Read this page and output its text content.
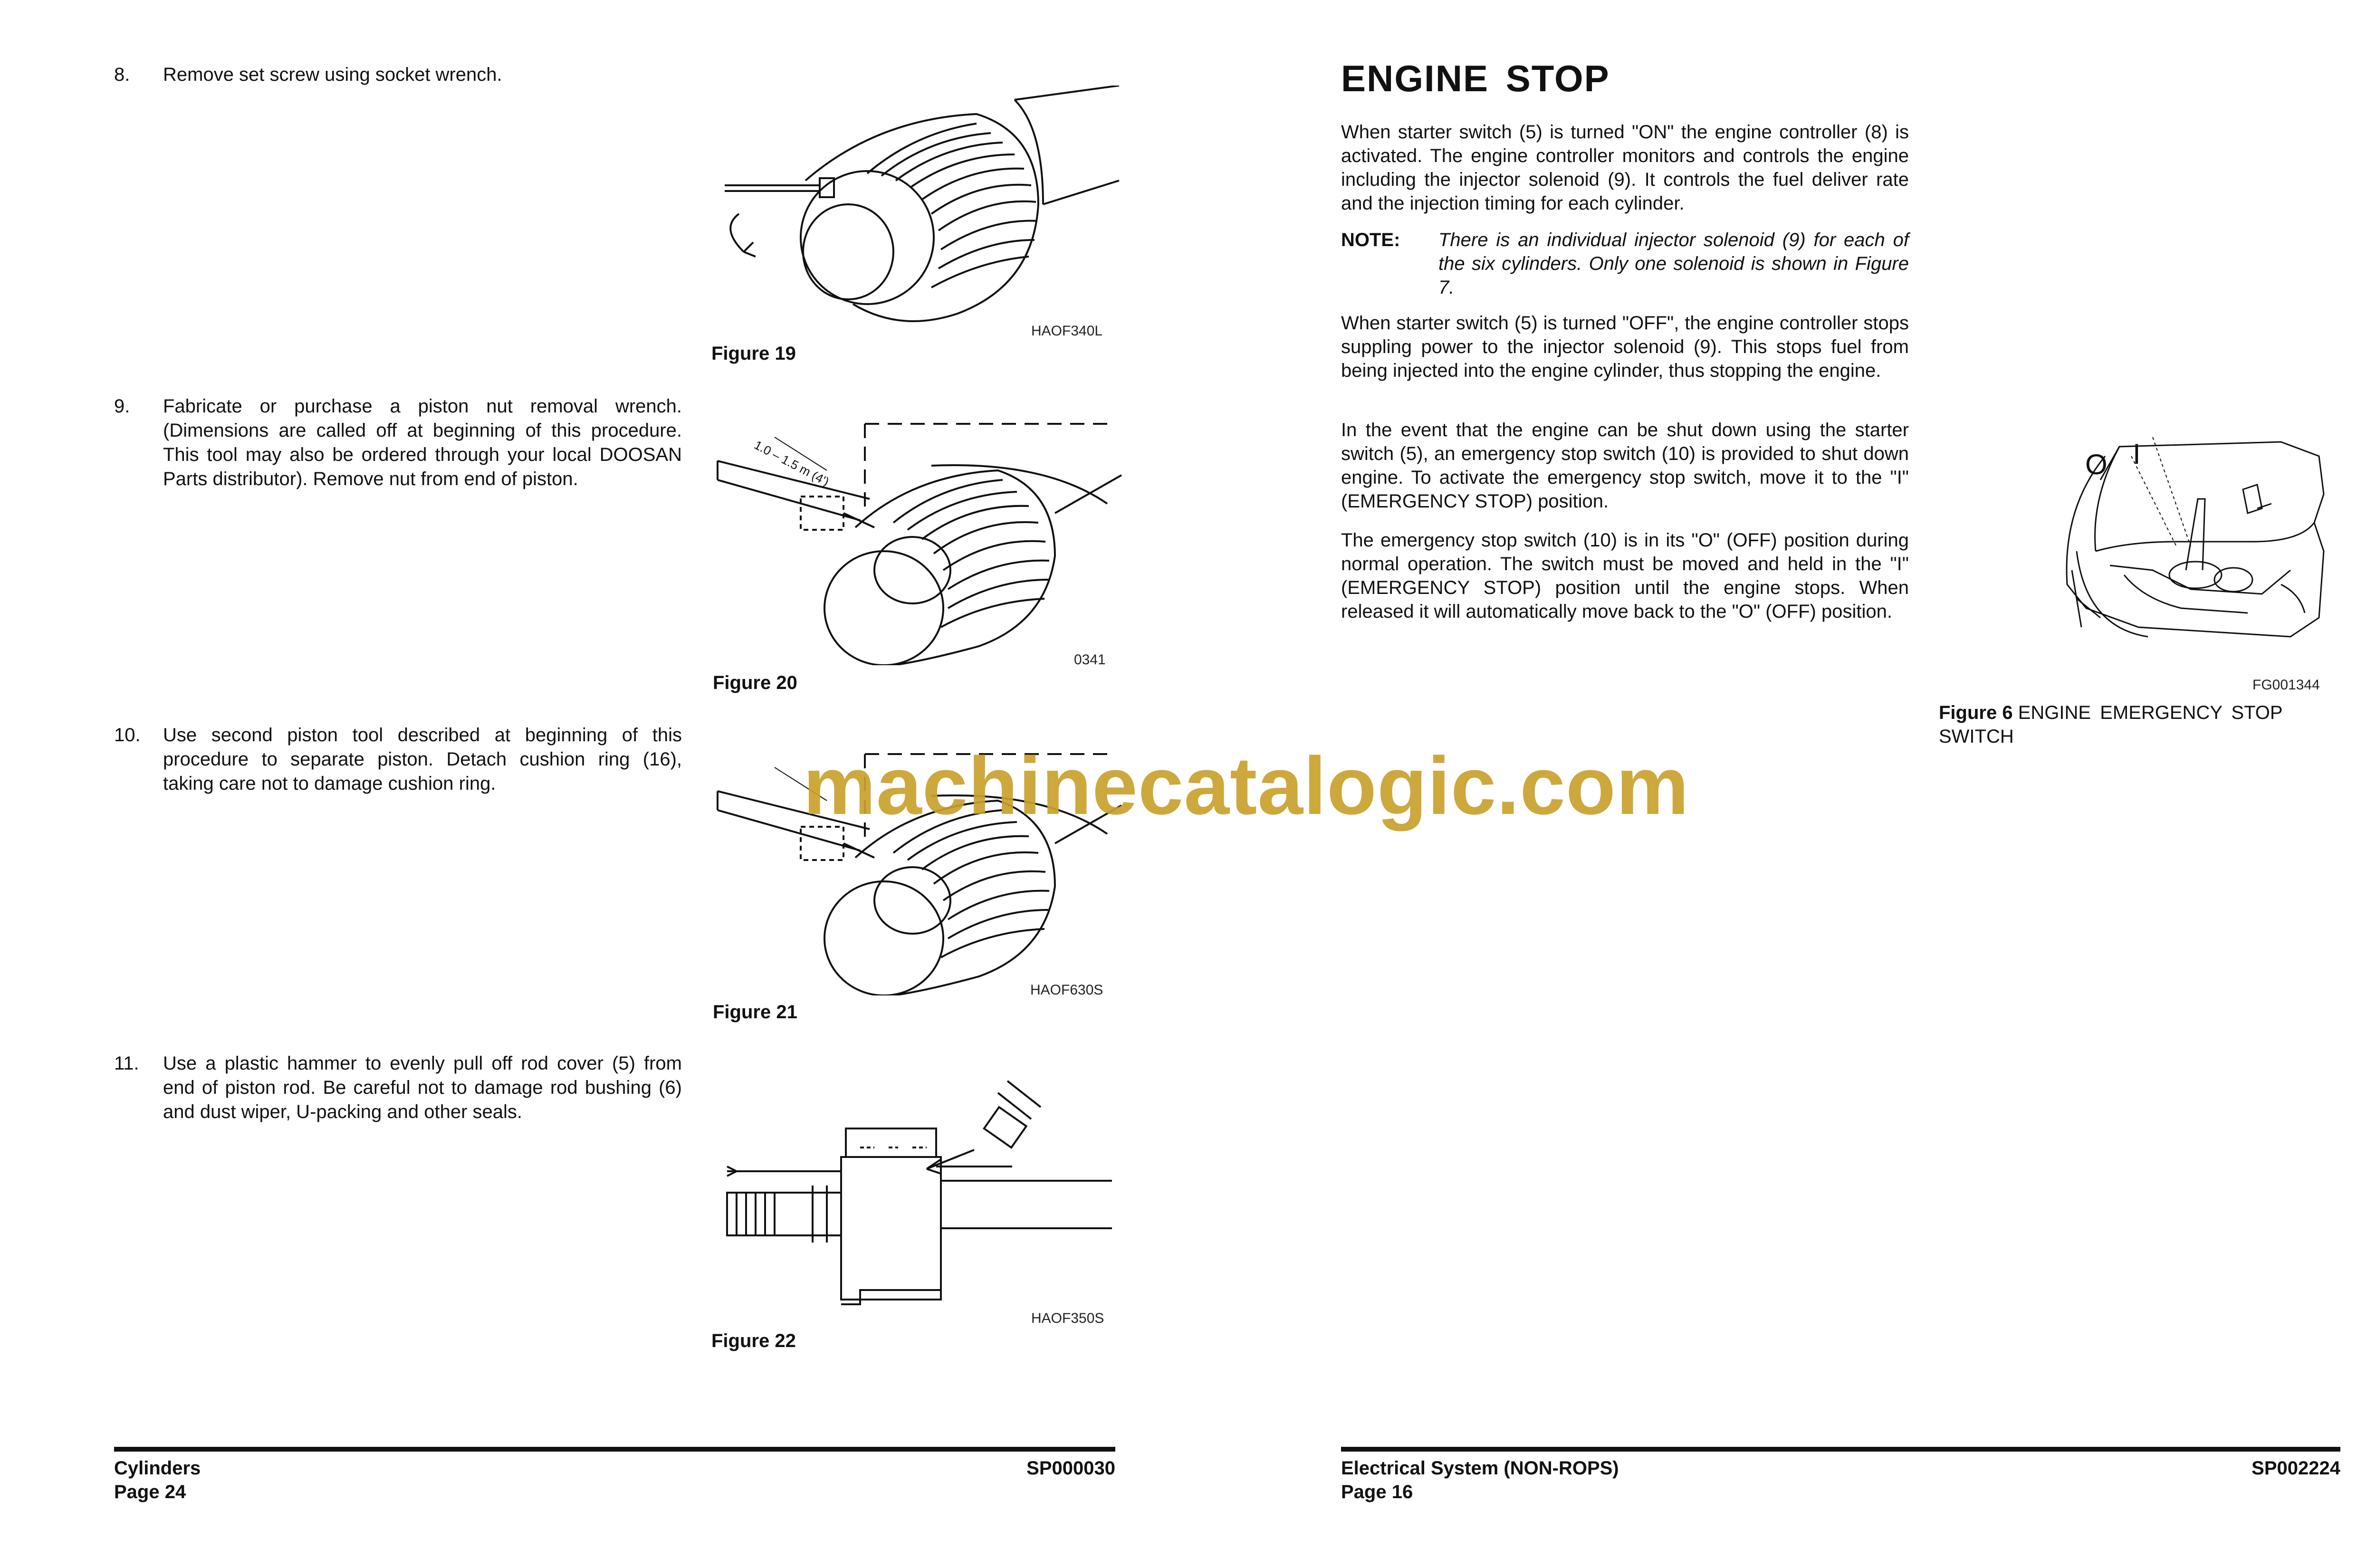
8.	Remove set screw using socket wrench.
HAOF340L
Figure 19
9.	Fabricate or purchase a piston nut removal wrench. (Dimensions are called off at beginning of this procedure. This tool may also be ordered through your local DOOSAN Parts distributor). Remove nut from end of piston.	1.0 – 1.5 m (4')
0341
Figure 20
10.	Use second piston tool described at beginning of this procedure to separate piston. Detach cushion ring (16), taking care not to damage cushion ring.
HAOF630S
Figure 21
11.	Use a plastic hammer to evenly pull off rod cover (5) from end of piston rod. Be careful not to damage rod bushing (6) and dust wiper, U-packing and other seals.
HAOF350S
Figure 22
Cylinders
Page 24
SP000030
ENGINE STOP
When starter switch (5) is turned "ON" the engine controller (8) is activated. The engine controller monitors and controls the engine including the injector solenoid (9). It controls the fuel deliver rate and the injection timing for each cylinder.
NOTE: There is an individual injector solenoid (9) for each of the six cylinders. Only one solenoid is shown in Figure 7.
When starter switch (5) is turned "OFF", the engine controller stops suppling power to the injector solenoid (9). This stops fuel from being injected into the engine cylinder, thus stopping the engine.
In the event that the engine can be shut down using the starter switch (5), an emergency stop switch (10) is provided to shut down engine. To activate the emergency stop switch, move it to the "I" (EMERGENCY STOP) position.
The emergency stop switch (10) is in its "O" (OFF) position during normal operation. The switch must be moved and held in the "I" (EMERGENCY STOP) position until the engine stops. When released it will automatically move back to the "O" (OFF) position.
O I
FG001344
Figure 6 ENGINE EMERGENCY STOP SWITCH
Electrical System (NON-ROPS)
Page 16
SP002224
machinecatalogic.com
